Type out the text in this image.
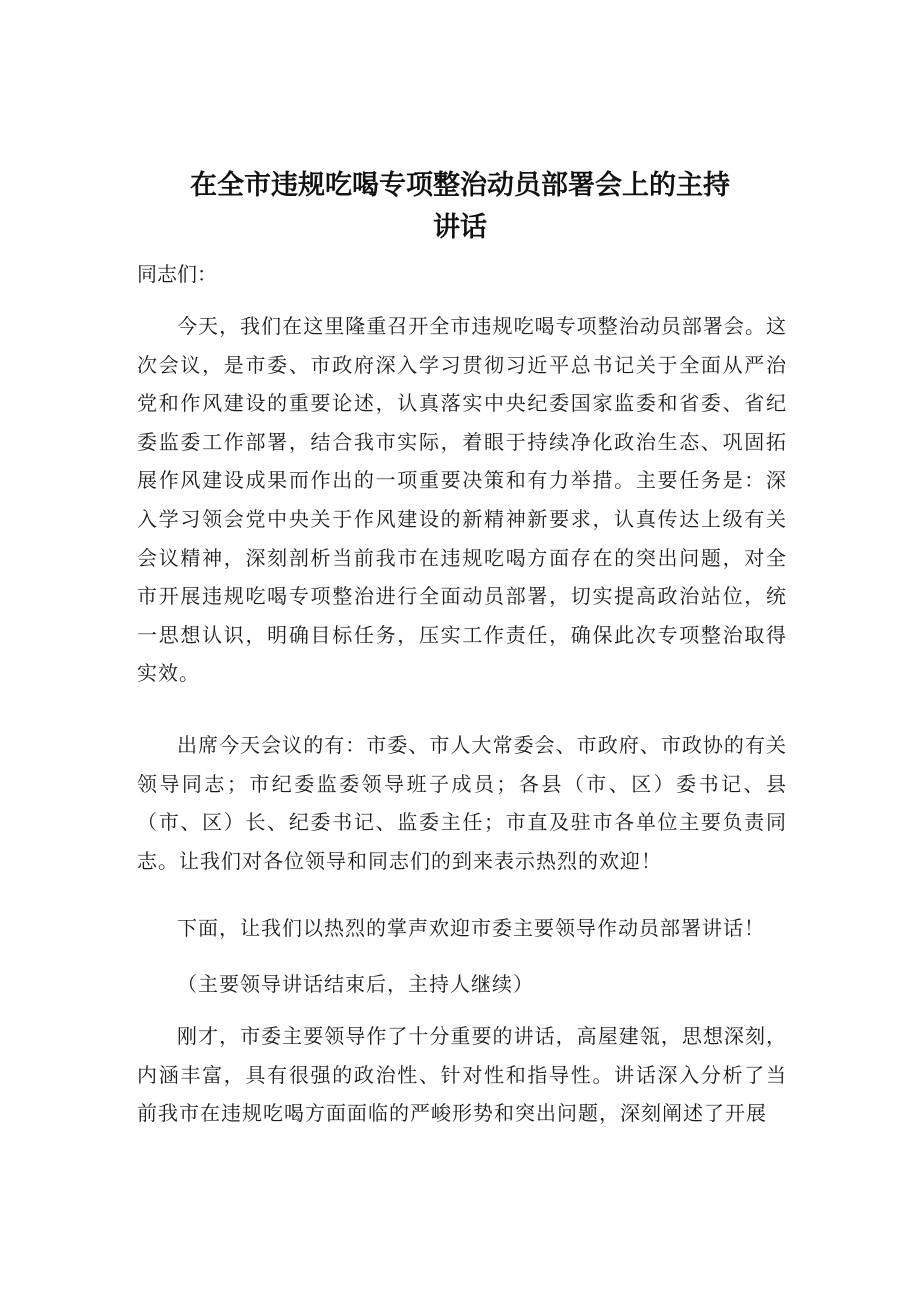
在全市违规吃喝专项整治动员部署会上的主持
讲话

同志们：

今天，我们在这里隆重召开全市违规吃喝专项整治动员部署会。这次会议，是市委、市政府深入学习贯彻习近平总书记关于全面从严治党和作风建设的重要论述，认真落实中央纪委国家监委和省委、省纪委监委工作部署，结合我市实际，着眼于持续净化政治生态、巩固拓展作风建设成果而作出的一项重要决策和有力举措。主要任务是：深入学习领会党中央关于作风建设的新精神新要求，认真传达上级有关会议精神，深刻剖析当前我市在违规吃喝方面存在的突出问题，对全市开展违规吃喝专项整治进行全面动员部署，切实提高政治站位，统一思想认识，明确目标任务，压实工作责任，确保此次专项整治取得实效。

出席今天会议的有：市委、市人大常委会、市政府、市政协的有关领导同志；市纪委监委领导班子成员；各县（市、区）委书记、县（市、区）长、纪委书记、监委主任；市直及驻市各单位主要负责同志。让我们对各位领导和同志们的到来表示热烈的欢迎！

下面，让我们以热烈的掌声欢迎市委主要领导作动员部署讲话！

（主要领导讲话结束后，主持人继续）

刚才，市委主要领导作了十分重要的讲话，高屋建瓴，思想深刻，内涵丰富，具有很强的政治性、针对性和指导性。讲话深入分析了当前我市在违规吃喝方面面临的严峻形势和突出问题，深刻阐述了开展
